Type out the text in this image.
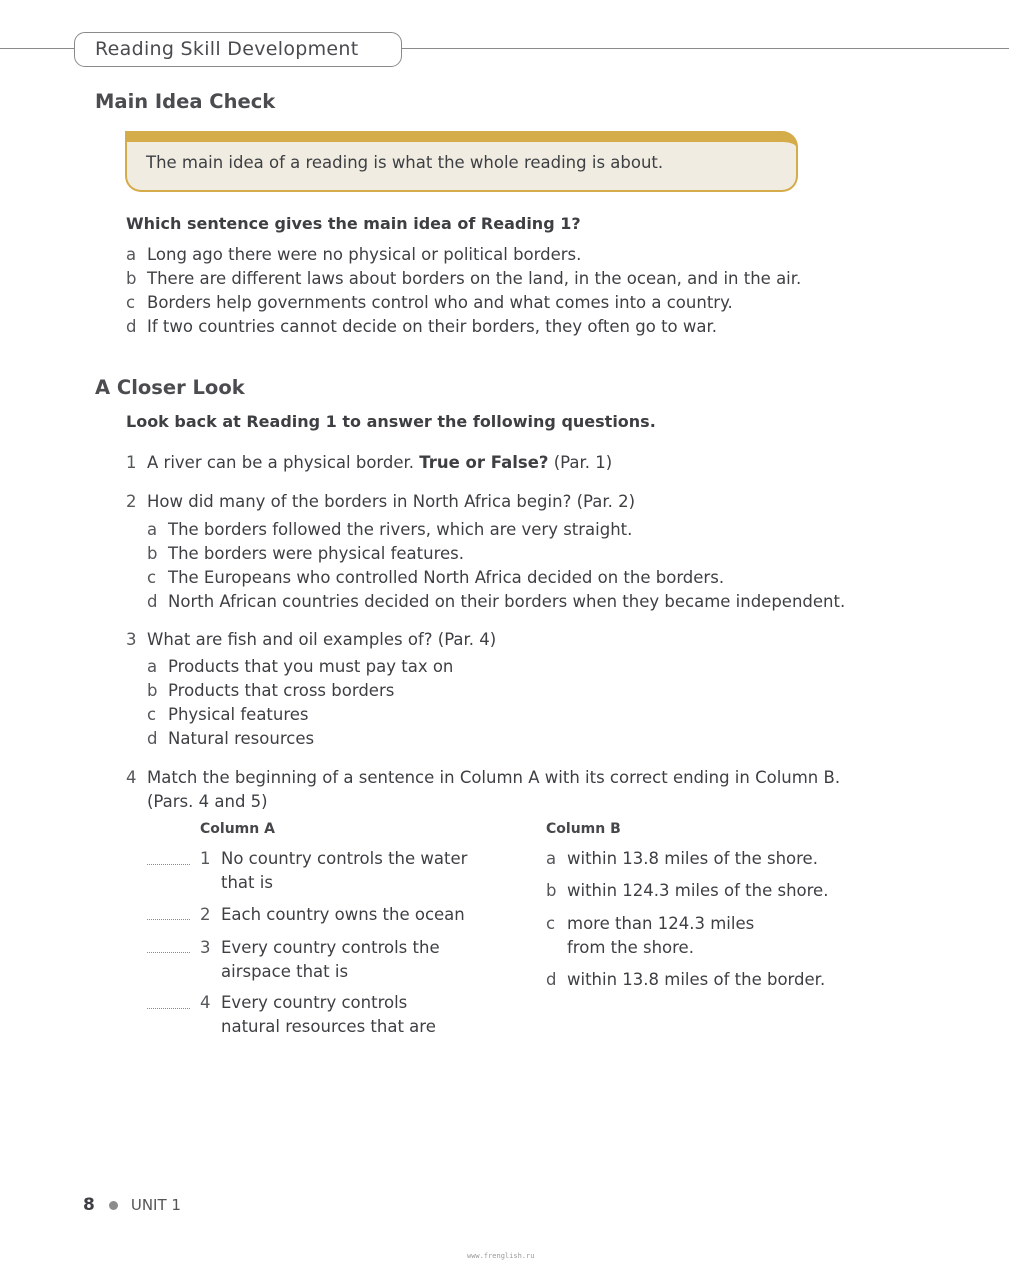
Reading Skill Development
Main Idea Check
The main idea of a reading is what the whole reading is about.
Which sentence gives the main idea of Reading 1?
a Long ago there were no physical or political borders.
b There are different laws about borders on the land, in the ocean, and in the air.
c Borders help governments control who and what comes into a country.
d If two countries cannot decide on their borders, they often go to war.
A Closer Look
Look back at Reading 1 to answer the following questions.
1 A river can be a physical border. True or False? (Par. 1)
2 How did many of the borders in North Africa begin? (Par. 2)
a The borders followed the rivers, which are very straight.
b The borders were physical features.
c The Europeans who controlled North Africa decided on the borders.
d North African countries decided on their borders when they became independent.
3 What are fish and oil examples of? (Par. 4)
a Products that you must pay tax on
b Products that cross borders
c Physical features
d Natural resources
4 Match the beginning of a sentence in Column A with its correct ending in Column B.
(Pars. 4 and 5)
Column A	Column B
1 No country controls the water that is
2 Each country owns the ocean
3 Every country controls the airspace that is
4 Every country controls natural resources that are
a within 13.8 miles of the shore.
b within 124.3 miles of the shore.
c more than 124.3 miles from the shore.
d within 13.8 miles of the border.
8 UNIT 1
www.frenglish.ru
